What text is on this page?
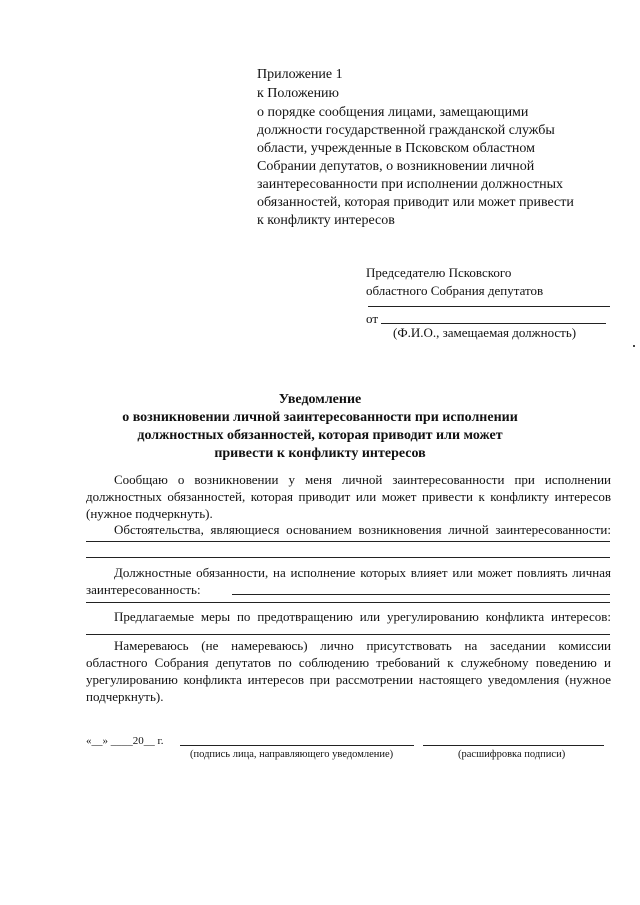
Приложение 1
к Положению
о порядке сообщения лицами, замещающими
должности государственной гражданской службы
области, учрежденные в Псковском областном
Собрании депутатов, о возникновении личной
заинтересованности при исполнении должностных
обязанностей, которая приводит или может привести
к конфликту интересов
Председателю Псковского
областного Собрания депутатов
от
(Ф.И.О., замещаемая должность)
Уведомление
о возникновении личной заинтересованности при исполнении
должностных обязанностей, которая приводит или может
привести к конфликту интересов
Сообщаю о возникновении у меня личной заинтересованности при исполнении
должностных обязанностей, которая приводит или может привести к конфликту интересов
(нужное подчеркнуть).
Обстоятельства, являющиеся основанием возникновения личной заинтересованности:
Должностные обязанности, на исполнение которых влияет или может повлиять личная
заинтересованность:
Предлагаемые меры по предотвращению или урегулированию конфликта интересов:
Намереваюсь (не намереваюсь) лично присутствовать на заседании комиссии
областного Собрания депутатов по соблюдению требований к служебному поведению и
урегулированию конфликта интересов при рассмотрении настоящего уведомления (нужное
подчеркнуть).
«__» ____20__ г.
(подпись лица, направляющего уведомление)	(расшифровка подписи)
